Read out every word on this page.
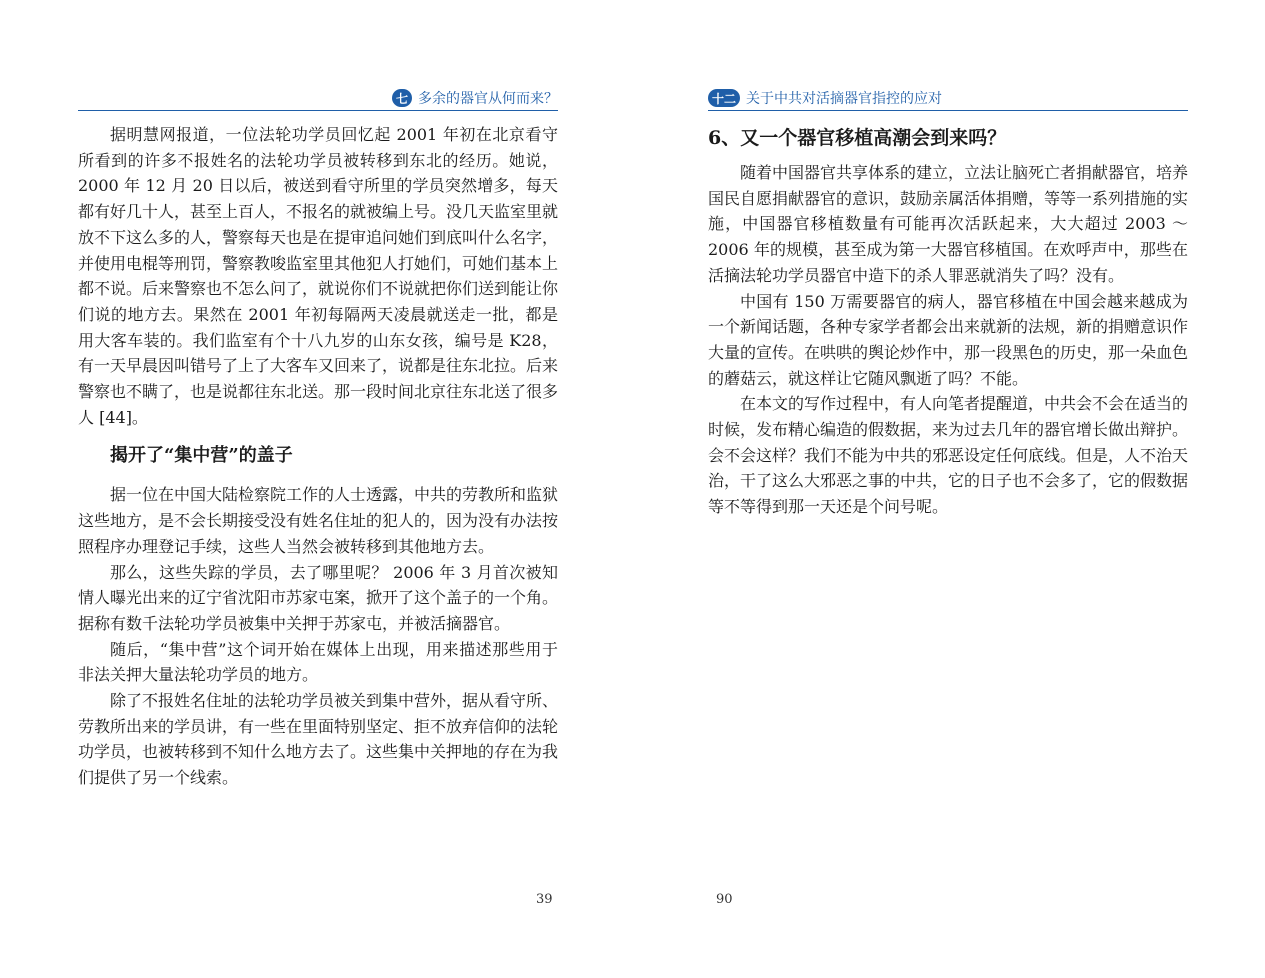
七 多余的器官从何而来？

据明慧网报道，一位法轮功学员回忆起 2001 年初在北京看守所看到的许多不报姓名的法轮功学员被转移到东北的经历。她说，2000 年 12 月 20 日以后，被送到看守所里的学员突然增多，每天都有好几十人，甚至上百人，不报名的就被编上号。没几天监室里就放不下这么多的人，警察每天也是在提审追问她们到底叫什么名字，并使用电棍等刑罚，警察教唆监室里其他犯人打她们，可她们基本上都不说。后来警察也不怎么问了，就说你们不说就把你们送到能让你们说的地方去。果然在 2001 年初每隔两天凌晨就送走一批，都是用大客车装的。我们监室有个十八九岁的山东女孩，编号是 K28，有一天早晨因叫错号了上了大客车又回来了，说都是往东北拉。后来警察也不瞒了，也是说都往东北送。那一段时间北京往东北送了很多人 [44]。

揭开了“集中营”的盖子

据一位在中国大陆检察院工作的人士透露，中共的劳教所和监狱这些地方，是不会长期接受没有姓名住址的犯人的，因为没有办法按照程序办理登记手续，这些人当然会被转移到其他地方去。

那么，这些失踪的学员，去了哪里呢？ 2006 年 3 月首次被知情人曝光出来的辽宁省沈阳市苏家屯案，掀开了这个盖子的一个角。据称有数千法轮功学员被集中关押于苏家屯，并被活摘器官。

随后，“集中营”这个词开始在媒体上出现，用来描述那些用于非法关押大量法轮功学员的地方。

除了不报姓名住址的法轮功学员被关到集中营外，据从看守所、劳教所出来的学员讲，有一些在里面特别坚定、拒不放弃信仰的法轮功学员，也被转移到不知什么地方去了。这些集中关押地的存在为我们提供了另一个线索。

39
十二 关于中共对活摘器官指控的应对
6、又一个器官移植高潮会到来吗？

随着中国器官共享体系的建立，立法让脑死亡者捐献器官，培养国民自愿捐献器官的意识，鼓励亲属活体捐赠，等等一系列措施的实施，中国器官移植数量有可能再次活跃起来，大大超过 2003 ～ 2006 年的规模，甚至成为第一大器官移植国。在欢呼声中，那些在活摘法轮功学员器官中造下的杀人罪恶就消失了吗？没有。

中国有 150 万需要器官的病人，器官移植在中国会越来越成为一个新闻话题，各种专家学者都会出来就新的法规，新的捐赠意识作大量的宣传。在哄哄的舆论炒作中，那一段黑色的历史，那一朵血色的蘑菇云，就这样让它随风飘逝了吗？不能。

在本文的写作过程中，有人向笔者提醒道，中共会不会在适当的时候，发布精心编造的假数据，来为过去几年的器官增长做出辩护。会不会这样？我们不能为中共的邪恶设定任何底线。但是，人不治天治，干了这么大邪恶之事的中共，它的日子也不会多了，它的假数据等不等得到那一天还是个问号呢。

90
